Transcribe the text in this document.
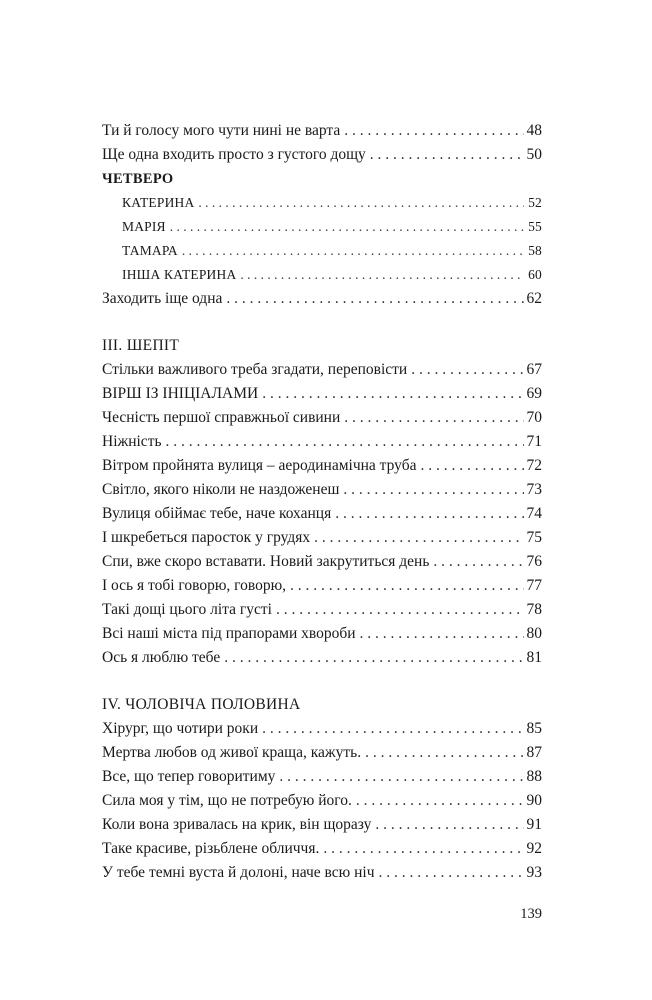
Ти й голосу мого чути нині не варта . . .	48
Ще одна входить просто з густого дощу . . .	50
ЧЕТВЕРО
КАТЕРИНА . . .	52
МАРІЯ . . .	55
ТАМАРА . . .	58
ІНША КАТЕРИНА . . .	60
Заходить іще одна . . .	62
ІІІ. ШЕПІТ
Стільки важливого треба згадати, переповісти . . .	67
ВІРШ ІЗ ІНІЦІАЛАМИ . . .	69
Чесність першої справжньої сивини . . .	70
Ніжність . . .	71
Вітром пройнята вулиця – аеродинамічна труба . . .	72
Світло, якого ніколи не наздоженеш . . .	73
Вулиця обіймає тебе, наче коханця . . .	74
І шкребеться паросток у грудях . . .	75
Спи, вже скоро вставати. Новий закрутиться день . . .	76
І ось я тобі говорю, говорю, . . .	77
Такі дощі цього літа густі . . .	78
Всі наші міста під прапорами хвороби . . .	80
Ось я люблю тебе . . .	81
IV. ЧОЛОВІЧА ПОЛОВИНА
Хірург, що чотири роки . . .	85
Мертва любов од живої краща, кажуть. . . .	87
Все, що тепер говоритиму . . .	88
Сила моя у тім, що не потребую його. . . .	90
Коли вона зривалась на крик, він щоразу . . .	91
Таке красиве, різьблене обличчя. . . .	92
У тебе темні вуста й долоні, наче всю ніч . . .	93
139
